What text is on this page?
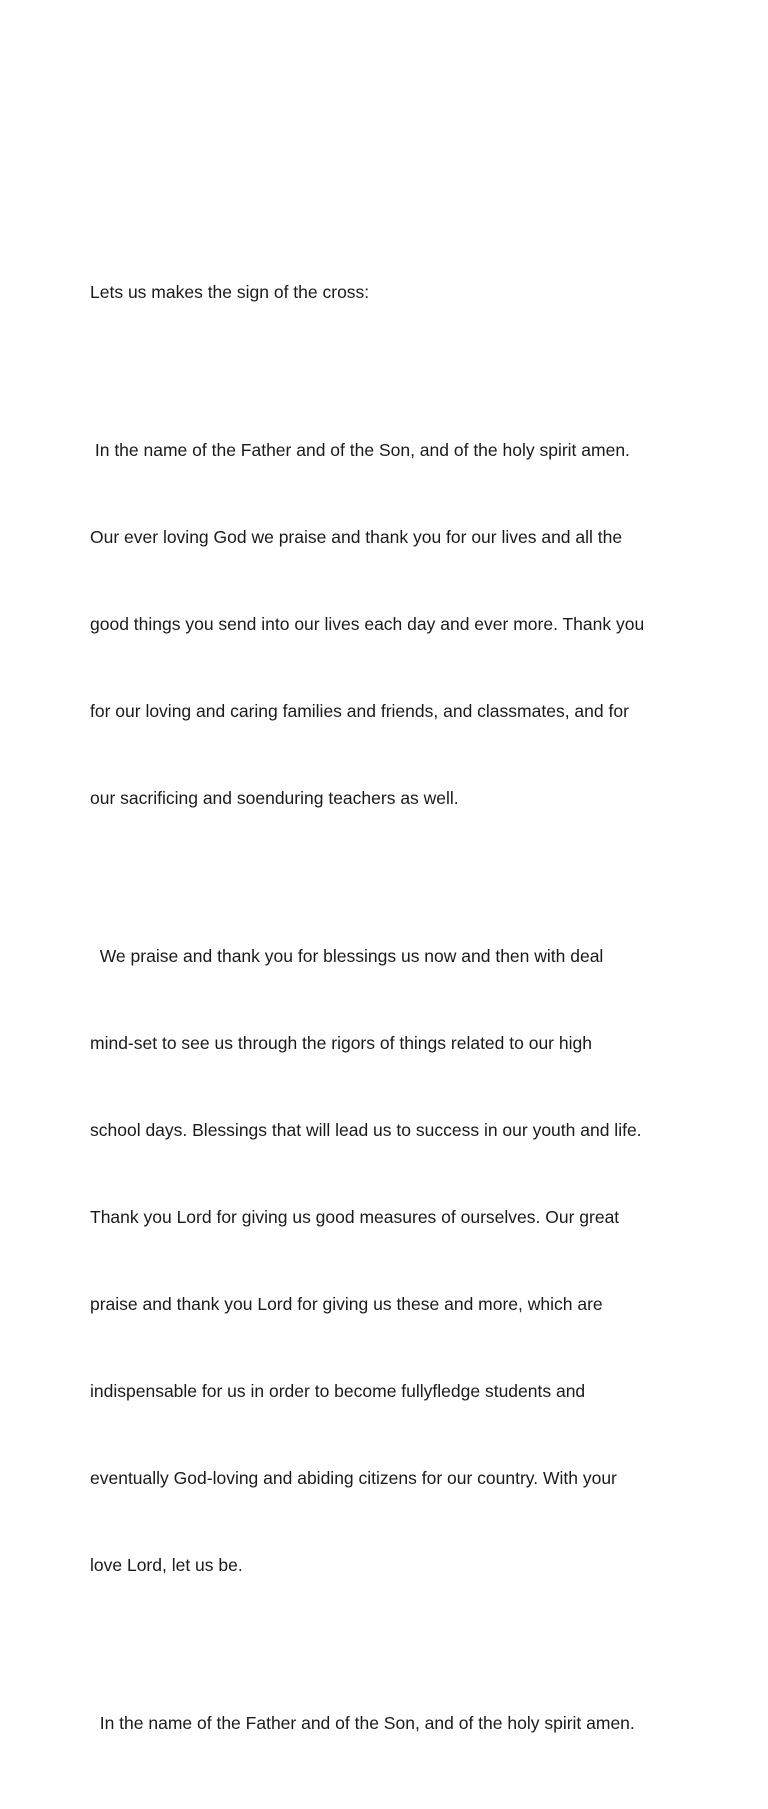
Lets us makes the sign of the cross:

In the name of the Father and of the Son, and of the holy spirit amen.

Our ever loving God we praise and thank you for our lives and all the

good things you send into our lives each day and ever more. Thank you

for our loving and caring families and friends, and classmates, and for

our sacrificing and soenduring teachers as well.

We praise and thank you for blessings us now and then with deal

mind-set to see us through the rigors of things related to our high

school days. Blessings that will lead us to success in our youth and life.

Thank you Lord for giving us good measures of ourselves. Our great

praise and thank you Lord for giving us these and more, which are

indispensable for us in order to become fullyfledge students and

eventually God-loving and abiding citizens for our country. With your

love Lord, let us be.

In the name of the Father and of the Son, and of the holy spirit amen.
